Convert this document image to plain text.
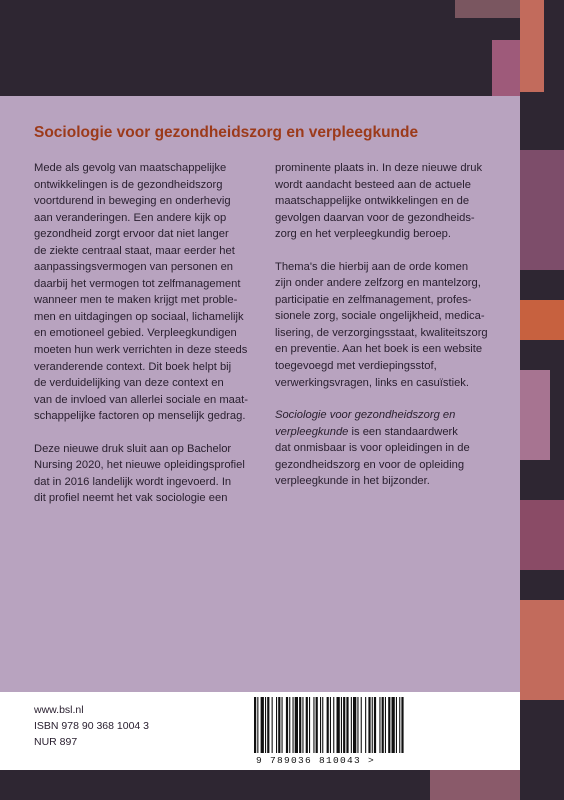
Sociologie voor gezondheidszorg en verpleegkunde

Mede als gevolg van maatschappelijke
ontwikkelingen is de gezondheidszorg
voortdurend in beweging en onderhevig
aan veranderingen. Een andere kijk op
gezondheid zorgt ervoor dat niet langer
de ziekte centraal staat, maar eerder het
aanpassingsvermogen van personen en
daarbij het vermogen tot zelfmanagement
wanneer men te maken krijgt met proble-
men en uitdagingen op sociaal, lichamelijk
en emotioneel gebied. Verpleegkundigen
moeten hun werk verrichten in deze steeds
veranderende context. Dit boek helpt bij
de verduidelijking van deze context en
van de invloed van allerlei sociale en maat-
schappelijke factoren op menselijk gedrag.

Deze nieuwe druk sluit aan op Bachelor
Nursing 2020, het nieuwe opleidingsprofiel
dat in 2016 landelijk wordt ingevoerd. In
dit profiel neemt het vak sociologie een

prominente plaats in. In deze nieuwe druk
wordt aandacht besteed aan de actuele
maatschappelijke ontwikkelingen en de
gevolgen daarvan voor de gezondheids-
zorg en het verpleegkundig beroep.

Thema's die hierbij aan de orde komen
zijn onder andere zelfzorg en mantelzorg,
participatie en zelfmanagement, profes-
sionele zorg, sociale ongelijkheid, medica-
lisering, de verzorgingsstaat, kwaliteitszorg
en preventie. Aan het boek is een website
toegevoegd met verdiepingsstof,
verwerkingsvragen, links en casuïstiek.

Sociologie voor gezondheidszorg en
verpleegkunde is een standaardwerk
dat onmisbaar is voor opleidingen in de
gezondheidszorg en voor de opleiding
verpleegkunde in het bijzonder.

www.bsl.nl
ISBN 978 90 368 1004 3
NUR 897
9 789036 810043 >
